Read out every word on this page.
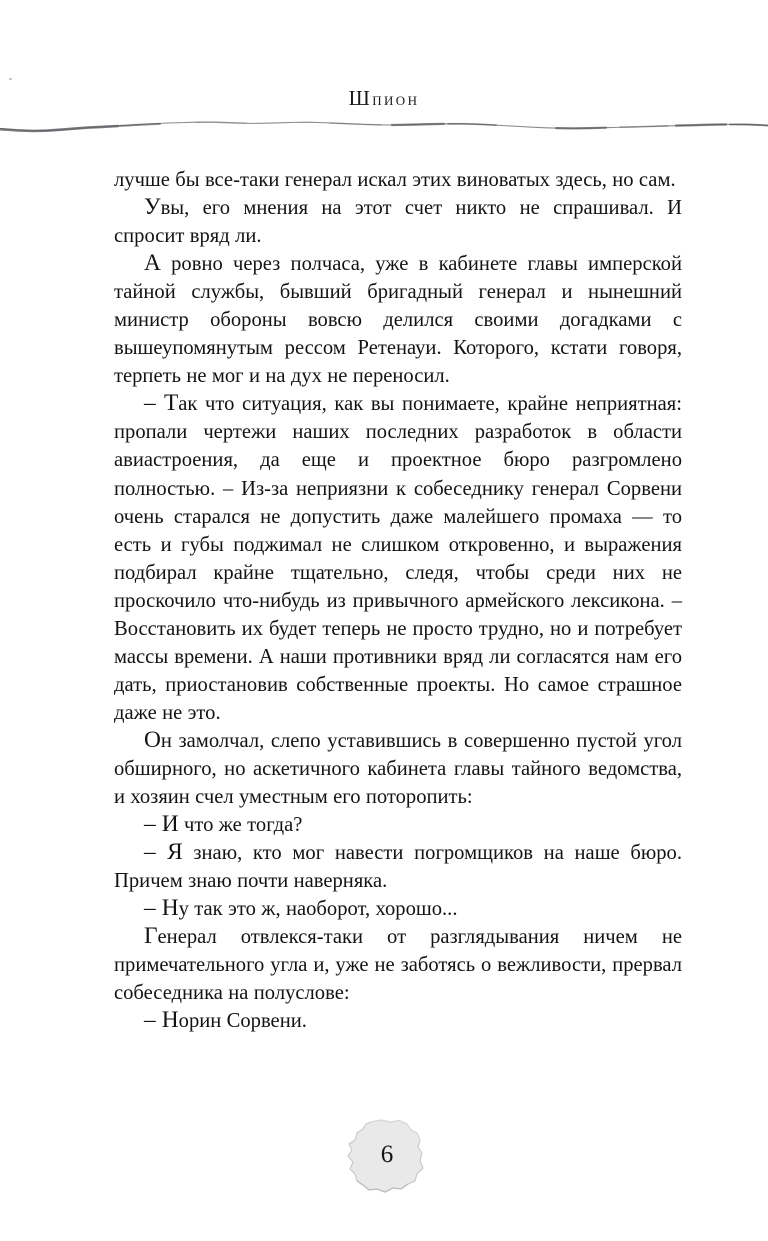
Шпион

лучше бы все-таки генерал искал этих виноватых здесь, но сам.

Увы, его мнения на этот счет никто не спрашивал. И спросит вряд ли.

А ровно через полчаса, уже в кабинете главы имперской тайной службы, бывший бригадный генерал и нынешний министр обороны вовсю делился своими догадками с вышеупомянутым рессом Ретенауи. Которого, кстати говоря, терпеть не мог и на дух не переносил.

– Так что ситуация, как вы понимаете, крайне неприятная: пропали чертежи наших последних разработок в области авиастроения, да еще и проектное бюро разгромлено полностью. – Из-за неприязни к собеседнику генерал Сорвени очень старался не допустить даже малейшего промаха — то есть и губы поджимал не слишком откровенно, и выражения подбирал крайне тщательно, следя, чтобы среди них не проскочило что-нибудь из привычного армейского лексикона. – Восстановить их будет теперь не просто трудно, но и потребует массы времени. А наши противники вряд ли согласятся нам его дать, приостановив собственные проекты. Но самое страшное даже не это.

Он замолчал, слепо уставившись в совершенно пустой угол обширного, но аскетичного кабинета главы тайного ведомства, и хозяин счел уместным его поторопить:

– И что же тогда?

– Я знаю, кто мог навести погромщиков на наше бюро. Причем знаю почти наверняка.

– Ну так это ж, наоборот, хорошо...

Генерал отвлекся-таки от разглядывания ничем не примечательного угла и, уже не заботясь о вежливости, прервал собеседника на полуслове:

– Норин Сорвени.

6
